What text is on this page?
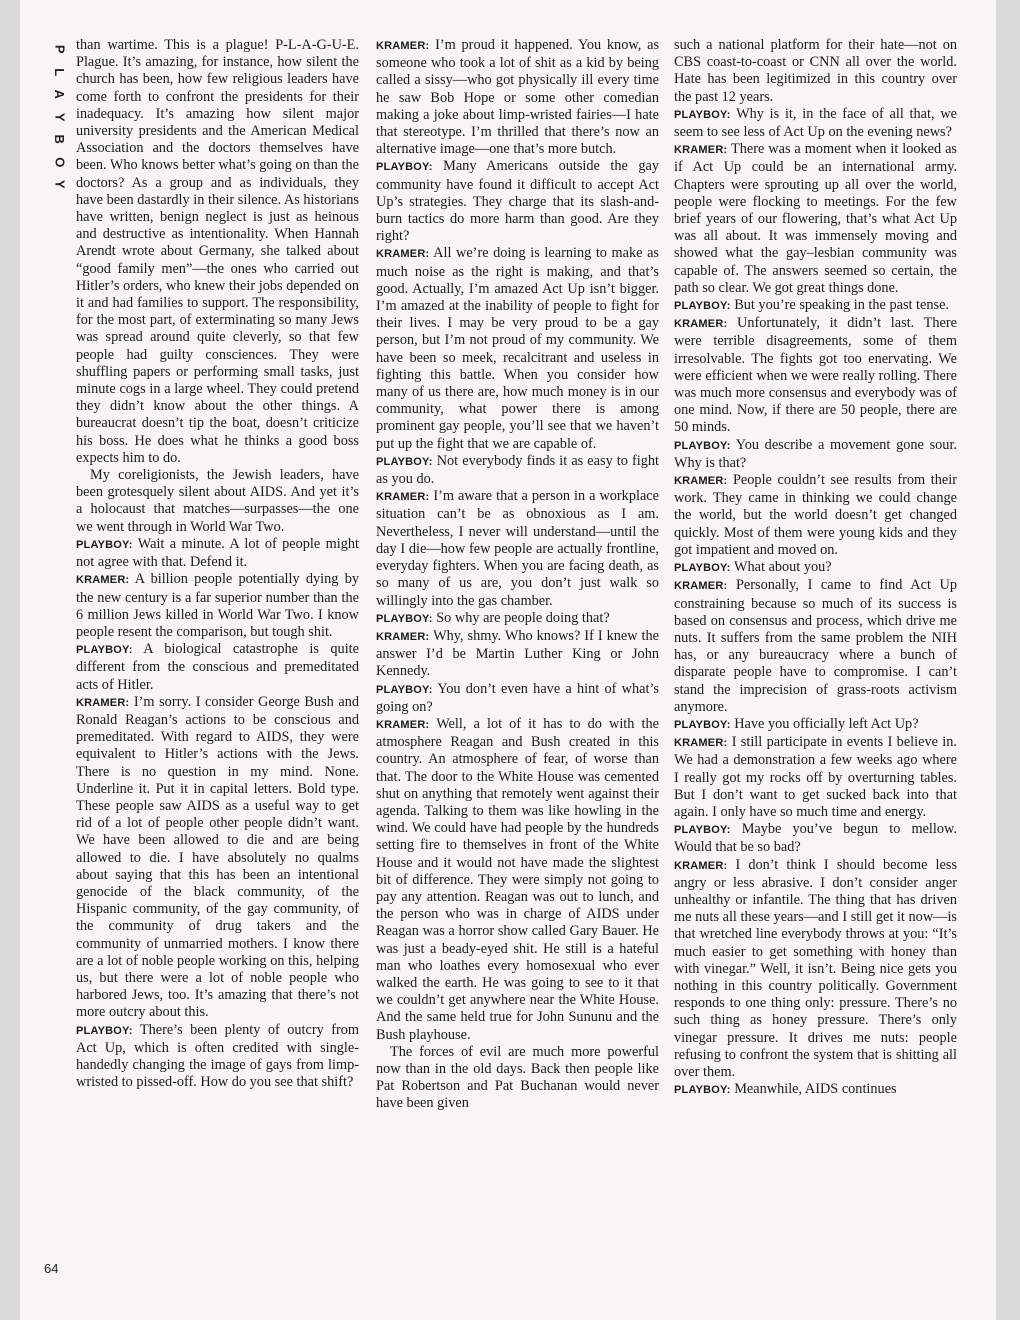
P
L
A
Y
B
O
Y

than wartime. This is a plague! P-L-A-G-U-E. Plague. It’s amazing, for instance, how silent the church has been, how few religious leaders have come forth to confront the presidents for their inadequacy. It’s amazing how silent major university presidents and the American Medical Association and the doctors themselves have been. Who knows better what’s going on than the doctors? As a group and as individuals, they have been dastardly in their silence. As historians have written, benign neglect is just as heinous and destructive as intentionality. When Hannah Arendt wrote about Germany, she talked about “good family men”—the ones who carried out Hitler’s orders, who knew their jobs depended on it and had families to support. The responsibility, for the most part, of exterminating so many Jews was spread around quite cleverly, so that few people had guilty consciences. They were shuffling papers or performing small tasks, just minute cogs in a large wheel. They could pretend they didn’t know about the other things. A bureaucrat doesn’t tip the boat, doesn’t criticize his boss. He does what he thinks a good boss expects him to do.

My coreligionists, the Jewish leaders, have been grotesquely silent about AIDS. And yet it’s a holocaust that matches—surpasses—the one we went through in World War Two.

PLAYBOY: Wait a minute. A lot of people might not agree with that. Defend it.

KRAMER: A billion people potentially dying by the new century is a far superior number than the 6 million Jews killed in World War Two. I know people resent the comparison, but tough shit.

PLAYBOY: A biological catastrophe is quite different from the conscious and premeditated acts of Hitler.

KRAMER: I’m sorry. I consider George Bush and Ronald Reagan’s actions to be conscious and premeditated. With regard to AIDS, they were equivalent to Hitler’s actions with the Jews. There is no question in my mind. None. Underline it. Put it in capital letters. Bold type. These people saw AIDS as a useful way to get rid of a lot of people other people didn’t want. We have been allowed to die and are being allowed to die. I have absolutely no qualms about saying that this has been an intentional genocide of the black community, of the Hispanic community, of the gay community, of the community of drug takers and the community of unmarried mothers. I know there are a lot of noble people working on this, helping us, but there were a lot of noble people who harbored Jews, too. It’s amazing that there’s not more outcry about this.

PLAYBOY: There’s been plenty of outcry from Act Up, which is often credited with single-handedly changing the image of gays from limp-wristed to pissed-off. How do you see that shift?

KRAMER: I’m proud it happened. You know, as someone who took a lot of shit as a kid by being called a sissy—who got physically ill every time he saw Bob Hope or some other comedian making a joke about limp-wristed fairies—I hate that stereotype. I’m thrilled that there’s now an alternative image—one that’s more butch.

PLAYBOY: Many Americans outside the gay community have found it difficult to accept Act Up’s strategies. They charge that its slash-and-burn tactics do more harm than good. Are they right?

KRAMER: All we’re doing is learning to make as much noise as the right is making, and that’s good. Actually, I’m amazed Act Up isn’t bigger. I’m amazed at the inability of people to fight for their lives. I may be very proud to be a gay person, but I’m not proud of my community. We have been so meek, recalcitrant and useless in fighting this battle. When you consider how many of us there are, how much money is in our community, what power there is among prominent gay people, you’ll see that we haven’t put up the fight that we are capable of.

PLAYBOY: Not everybody finds it as easy to fight as you do.

KRAMER: I’m aware that a person in a workplace situation can’t be as obnoxious as I am. Nevertheless, I never will understand—until the day I die—how few people are actually frontline, everyday fighters. When you are facing death, as so many of us are, you don’t just walk so willingly into the gas chamber.

PLAYBOY: So why are people doing that?

KRAMER: Why, shmy. Who knows? If I knew the answer I’d be Martin Luther King or John Kennedy.

PLAYBOY: You don’t even have a hint of what’s going on?

KRAMER: Well, a lot of it has to do with the atmosphere Reagan and Bush created in this country. An atmosphere of fear, of worse than that. The door to the White House was cemented shut on anything that remotely went against their agenda. Talking to them was like howling in the wind. We could have had people by the hundreds setting fire to themselves in front of the White House and it would not have made the slightest bit of difference. They were simply not going to pay any attention. Reagan was out to lunch, and the person who was in charge of AIDS under Reagan was a horror show called Gary Bauer. He was just a beady-eyed shit. He still is a hateful man who loathes every homosexual who ever walked the earth. He was going to see to it that we couldn’t get anywhere near the White House. And the same held true for John Sununu and the Bush playhouse.

The forces of evil are much more powerful now than in the old days. Back then people like Pat Robertson and Pat Buchanan would never have been given

such a national platform for their hate—not on CBS coast-to-coast or CNN all over the world. Hate has been legitimized in this country over the past 12 years.

PLAYBOY: Why is it, in the face of all that, we seem to see less of Act Up on the evening news?

KRAMER: There was a moment when it looked as if Act Up could be an international army. Chapters were sprouting up all over the world, people were flocking to meetings. For the few brief years of our flowering, that’s what Act Up was all about. It was immensely moving and showed what the gay–lesbian community was capable of. The answers seemed so certain, the path so clear. We got great things done.

PLAYBOY: But you’re speaking in the past tense.

KRAMER: Unfortunately, it didn’t last. There were terrible disagreements, some of them irresolvable. The fights got too enervating. We were efficient when we were really rolling. There was much more consensus and everybody was of one mind. Now, if there are 50 people, there are 50 minds.

PLAYBOY: You describe a movement gone sour. Why is that?

KRAMER: People couldn’t see results from their work. They came in thinking we could change the world, but the world doesn’t get changed quickly. Most of them were young kids and they got impatient and moved on.

PLAYBOY: What about you?

KRAMER: Personally, I came to find Act Up constraining because so much of its success is based on consensus and process, which drive me nuts. It suffers from the same problem the NIH has, or any bureaucracy where a bunch of disparate people have to compromise. I can’t stand the imprecision of grass-roots activism anymore.

PLAYBOY: Have you officially left Act Up?

KRAMER: I still participate in events I believe in. We had a demonstration a few weeks ago where I really got my rocks off by overturning tables. But I don’t want to get sucked back into that again. I only have so much time and energy.

PLAYBOY: Maybe you’ve begun to mellow. Would that be so bad?

KRAMER: I don’t think I should become less angry or less abrasive. I don’t consider anger unhealthy or infantile. The thing that has driven me nuts all these years—and I still get it now—is that wretched line everybody throws at you: “It’s much easier to get something with honey than with vinegar.” Well, it isn’t. Being nice gets you nothing in this country politically. Government responds to one thing only: pressure. There’s no such thing as honey pressure. There’s only vinegar pressure. It drives me nuts: people refusing to confront the system that is shitting all over them.

PLAYBOY: Meanwhile, AIDS continues

64
